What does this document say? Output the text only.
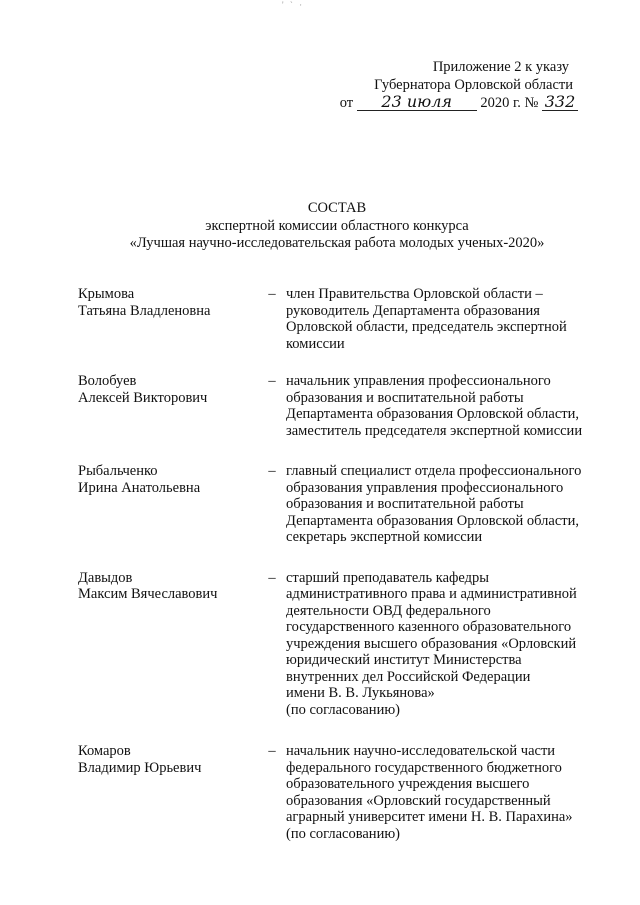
' ` ·
Приложение 2 к указу
Губернатора Орловской области
от 23 июля 2020 г. № 332
СОСТАВ
экспертной комиссии областного конкурса
«Лучшая научно-исследовательская работа молодых ученых-2020»
Крымова
Татьяна Владленовна
– член Правительства Орловской области –
руководитель Департамента образования
Орловской области, председатель экспертной
комиссии
Волобуев
Алексей Викторович
– начальник управления профессионального
образования и воспитательной работы
Департамента образования Орловской области,
заместитель председателя экспертной комиссии
Рыбальченко
Ирина Анатольевна
– главный специалист отдела профессионального
образования управления профессионального
образования и воспитательной работы
Департамента образования Орловской области,
секретарь экспертной комиссии
Давыдов
Максим Вячеславович
– старший преподаватель кафедры
административного права и административной
деятельности ОВД федерального
государственного казенного образовательного
учреждения высшего образования «Орловский
юридический институт Министерства
внутренних дел Российской Федерации
имени В. В. Лукьянова»
(по согласованию)
Комаров
Владимир Юрьевич
– начальник научно-исследовательской части
федерального государственного бюджетного
образовательного учреждения высшего
образования «Орловский государственный
аграрный университет имени Н. В. Парахина»
(по согласованию)
